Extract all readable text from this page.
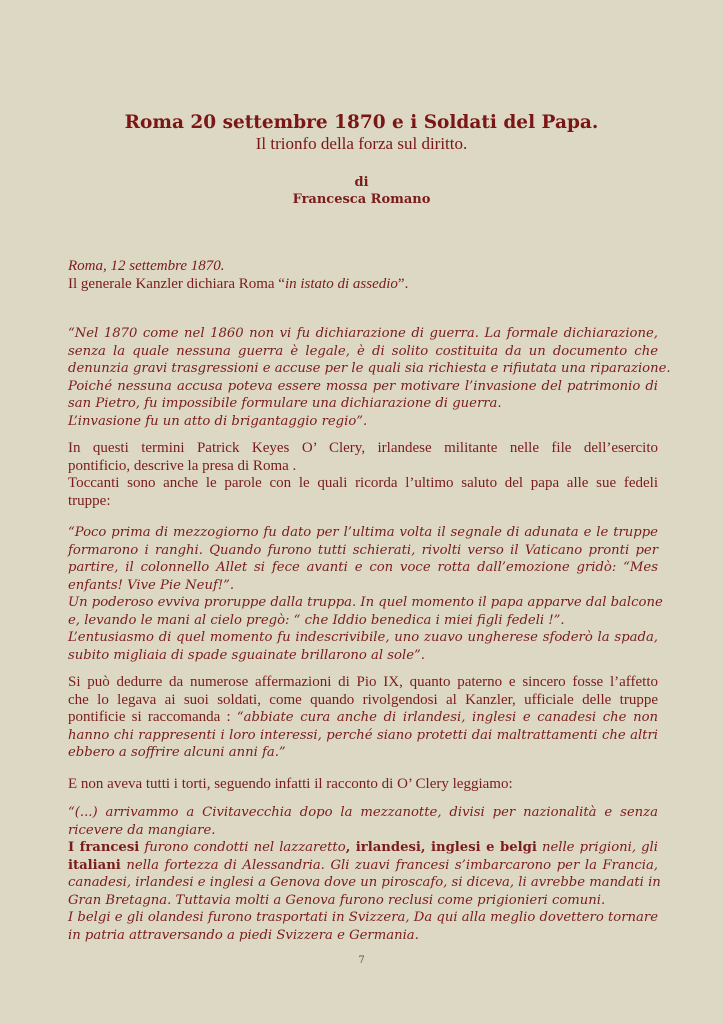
Roma 20 settembre 1870 e i Soldati del Papa.
Il trionfo della forza sul diritto.
di
Francesca Romano
Roma, 12 settembre 1870.
Il generale Kanzler dichiara Roma “in istato di assedio”.
“Nel 1870 come nel 1860 non vi fu dichiarazione di guerra. La formale dichiarazione,
senza la quale nessuna guerra è legale, è di solito costituita da un documento che
denunzia gravi trasgressioni e accuse per le quali sia richiesta e rifiutata una riparazione.
Poiché nessuna accusa poteva essere mossa per motivare l’invasione del patrimonio di
san Pietro, fu impossibile formulare una dichiarazione di guerra.
L’invasione fu un atto di brigantaggio regio”.
In questi termini Patrick Keyes O’ Clery, irlandese militante nelle file dell’esercito
pontificio, descrive la presa di Roma .
Toccanti sono anche le parole con le quali ricorda l’ultimo saluto del papa alle sue fedeli
truppe:
“Poco prima di mezzogiorno fu dato per l’ultima volta il segnale di adunata e le truppe
formarono i ranghi. Quando furono tutti schierati, rivolti verso il Vaticano pronti per
partire, il colonnello Allet si fece avanti e con voce rotta dall’emozione gridò: “Mes
enfants! Vive Pie Neuf!”.
Un poderoso evviva proruppe dalla truppa. In quel momento il papa apparve dal balcone
e, levando le mani al cielo pregò: “ che Iddio benedica i miei figli fedeli !”.
L’entusiasmo di quel momento fu indescrivibile, uno zuavo ungherese sfoderò la spada,
subito migliaia di spade sguainate brillarono al sole”.
Si può dedurre da numerose affermazioni di Pio IX, quanto paterno e sincero fosse l’affetto
che lo legava ai suoi soldati, come quando rivolgendosi al Kanzler, ufficiale delle truppe
pontificie si raccomanda : “abbiate cura anche di irlandesi, inglesi e canadesi che non
hanno chi rappresenti i loro interessi, perché siano protetti dai maltrattamenti che altri
ebbero a soffrire alcuni anni fa.”
E non aveva tutti i torti, seguendo infatti il racconto di O’ Clery leggiamo:
“(...) arrivammo a Civitavecchia dopo la mezzanotte, divisi per nazionalità e senza
ricevere da mangiare.
I francesi furono condotti nel lazzaretto, irlandesi, inglesi e belgi nelle prigioni, gli
italiani nella fortezza di Alessandria. Gli zuavi francesi s’imbarcarono per la Francia,
canadesi, irlandesi e inglesi a Genova dove un piroscafo, si diceva, li avrebbe mandati in
Gran Bretagna. Tuttavia molti a Genova furono reclusi come prigionieri comuni.
I belgi e gli olandesi furono trasportati in Svizzera, Da qui alla meglio dovettero tornare
in patria attraversando a piedi Svizzera e Germania.
7
